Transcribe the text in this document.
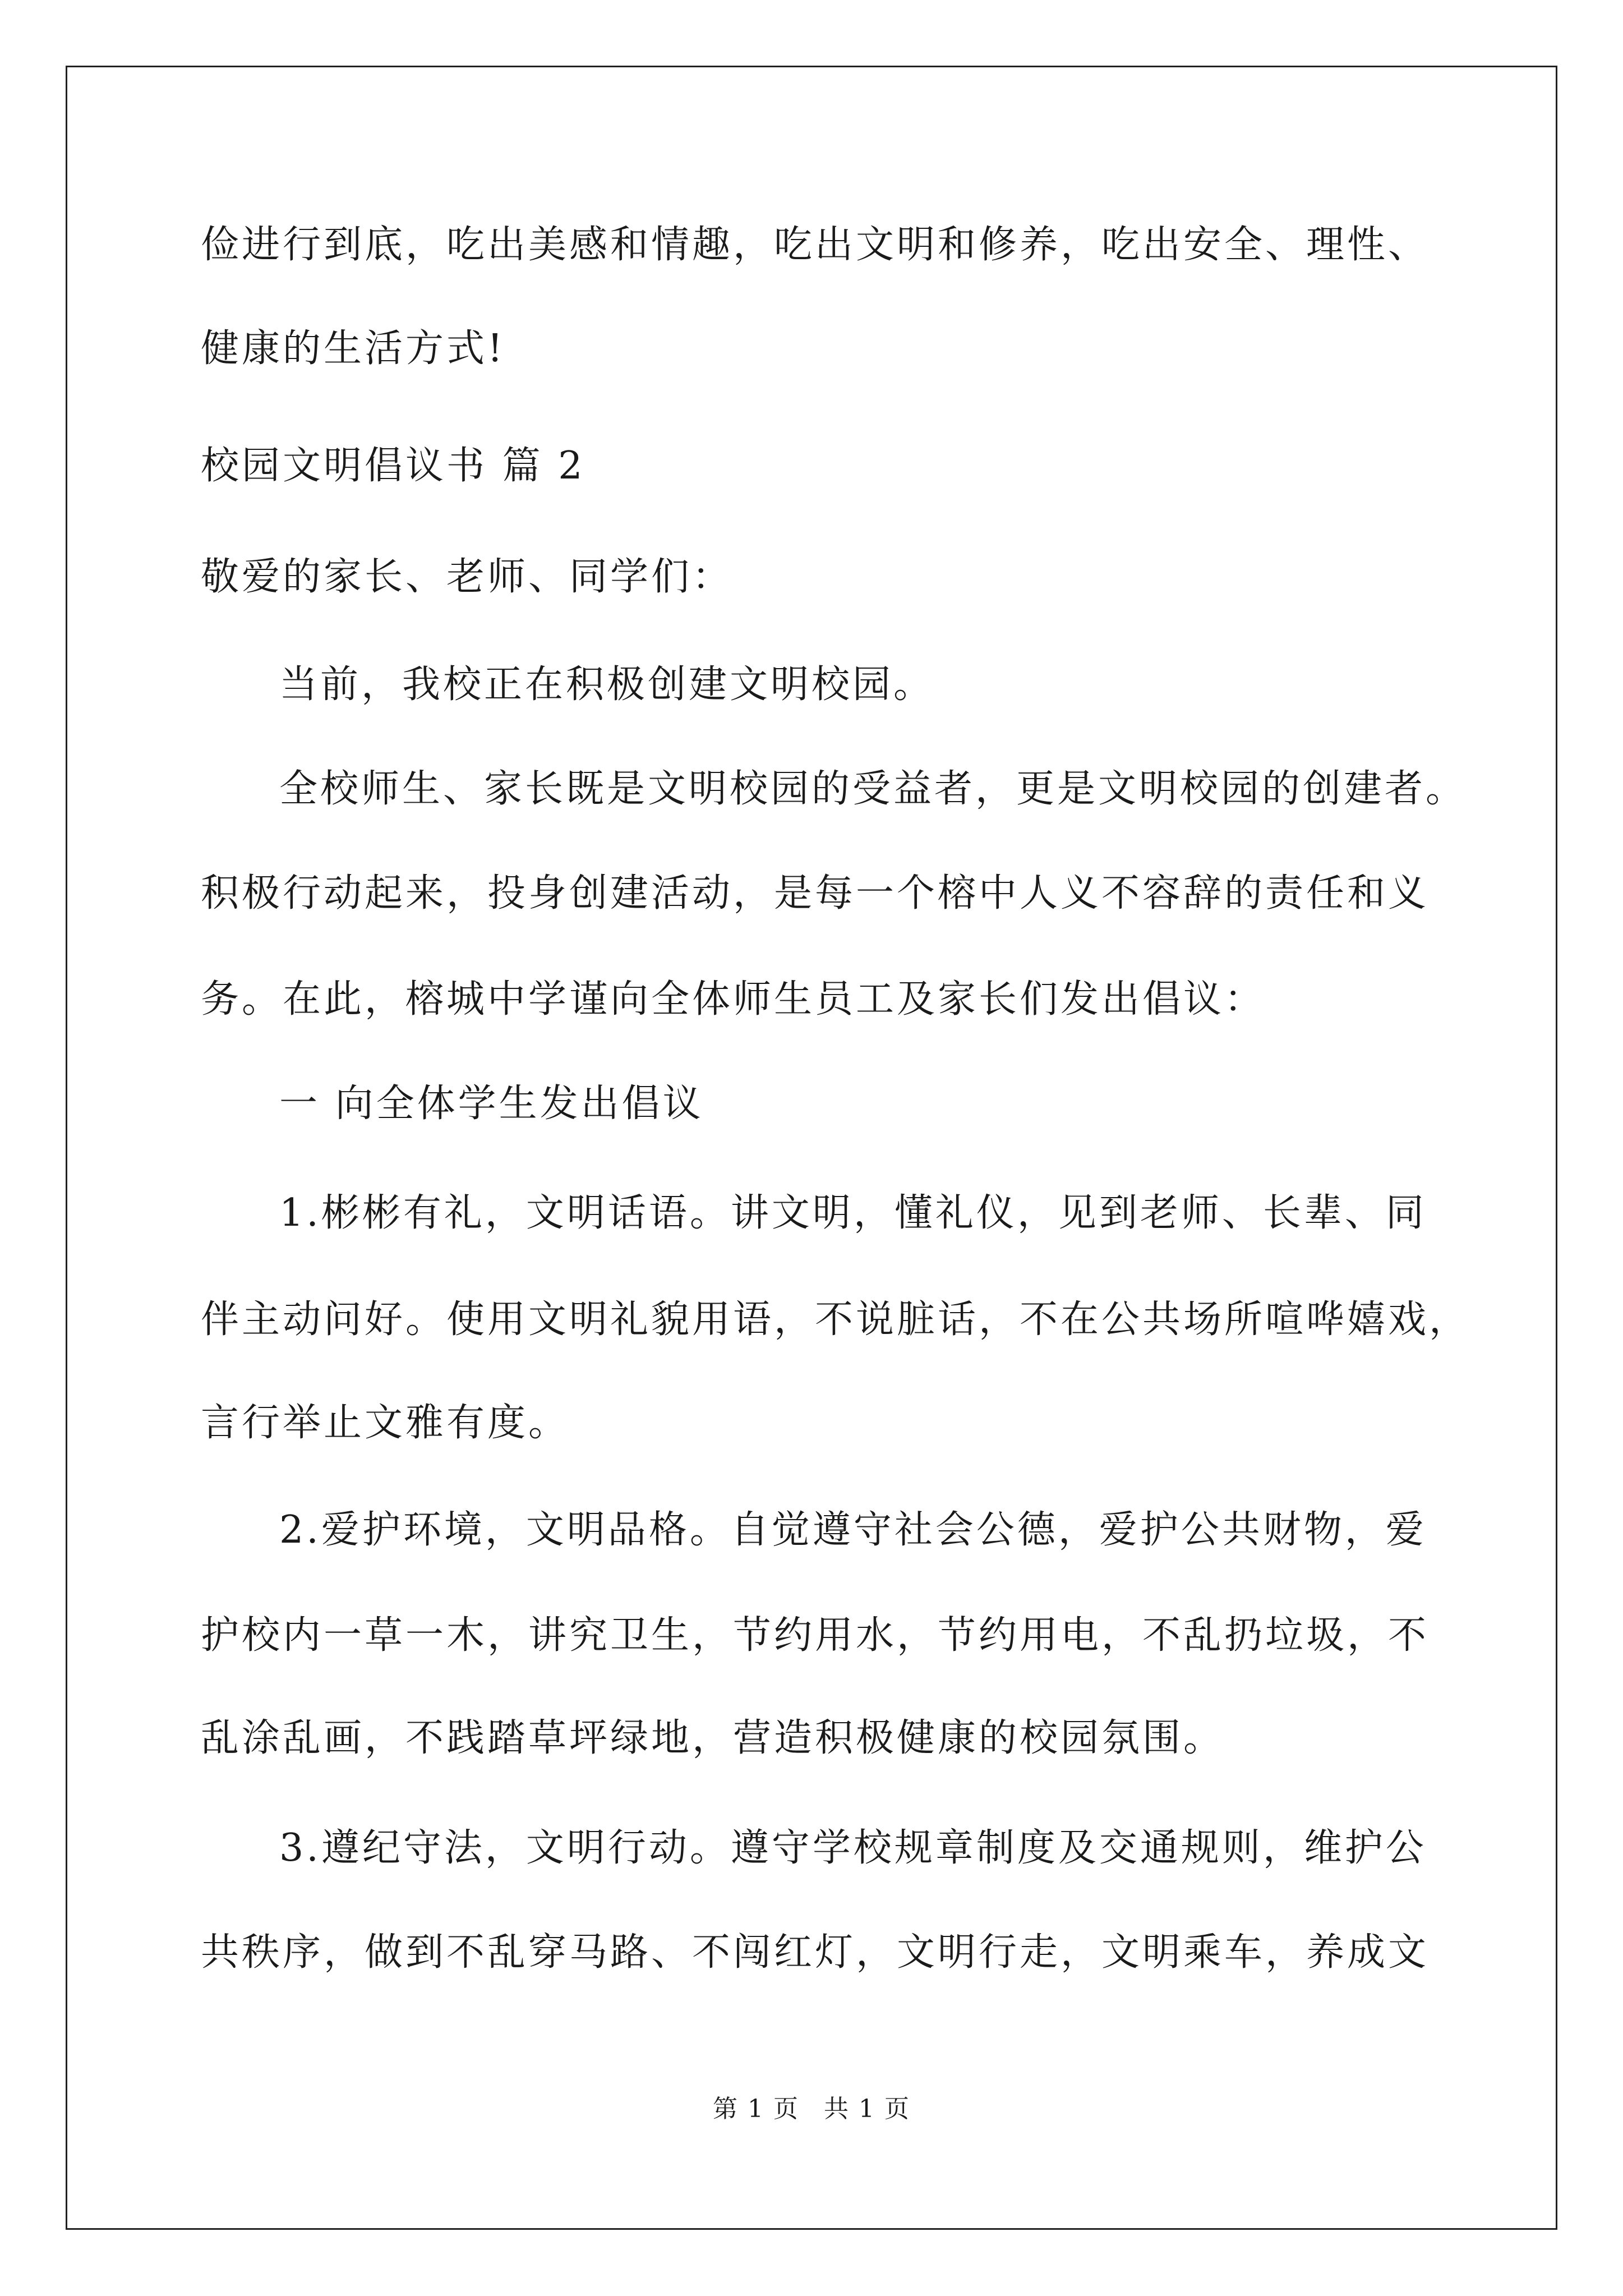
俭进行到底，吃出美感和情趣，吃出文明和修养，吃出安全、理性、
健康的生活方式!
校园文明倡议书 篇 2
敬爱的家长、老师、同学们：
当前，我校正在积极创建文明校园。
全校师生、家长既是文明校园的受益者，更是文明校园的创建者。
积极行动起来，投身创建活动，是每一个榕中人义不容辞的责任和义
务。在此，榕城中学谨向全体师生员工及家长们发出倡议：
一 向全体学生发出倡议
1.彬彬有礼，文明话语。讲文明，懂礼仪，见到老师、长辈、同
伴主动问好。使用文明礼貌用语，不说脏话，不在公共场所喧哗嬉戏，
言行举止文雅有度。
2.爱护环境，文明品格。自觉遵守社会公德，爱护公共财物，爱
护校内一草一木，讲究卫生，节约用水，节约用电，不乱扔垃圾，不
乱涂乱画，不践踏草坪绿地，营造积极健康的校园氛围。
3.遵纪守法，文明行动。遵守学校规章制度及交通规则，维护公
共秩序，做到不乱穿马路、不闯红灯，文明行走，文明乘车，养成文
第 1 页 共 1 页
